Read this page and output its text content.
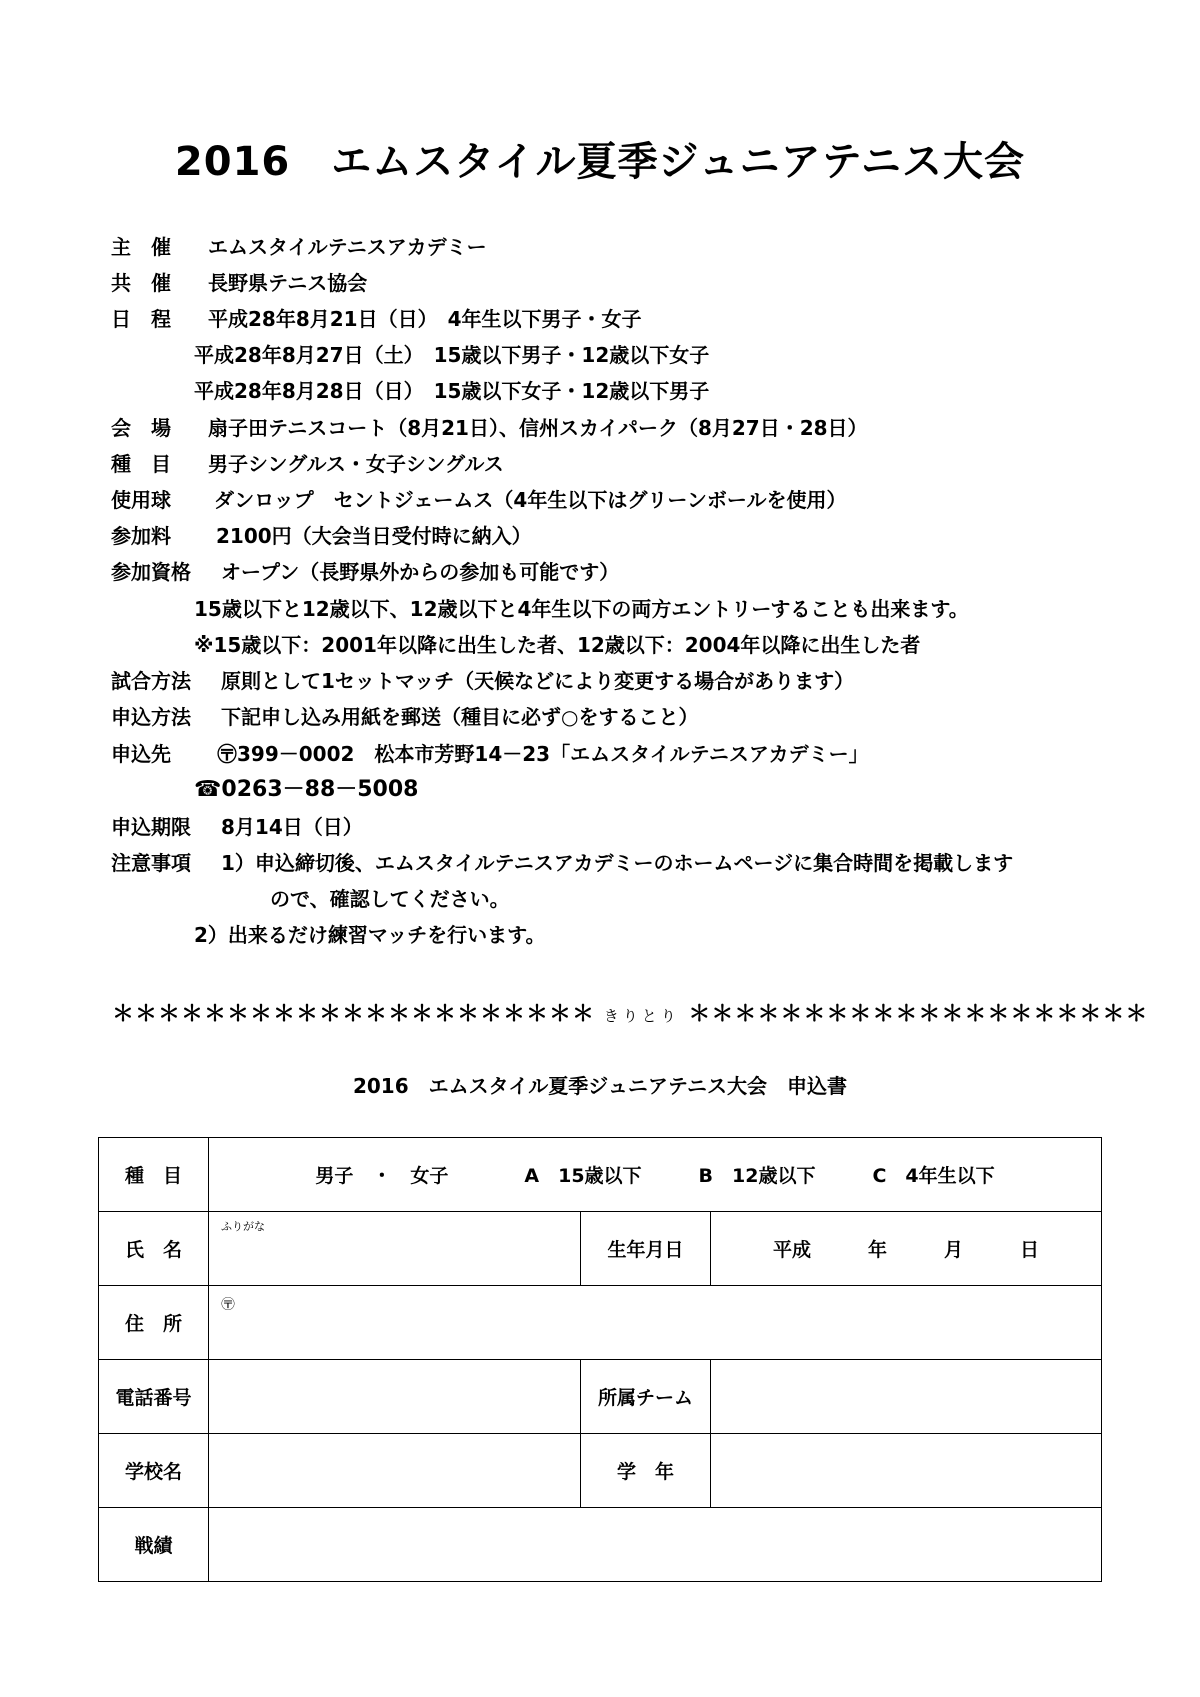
2016　エムスタイル夏季ジュニアテニス大会
主　催 エムスタイルテニスアカデミー
共　催 長野県テニス協会
日　程 平成28年8月21日（日）　4年生以下男子・女子
平成28年8月27日（土）　15歳以下男子・12歳以下女子
平成28年8月28日（日）　15歳以下女子・12歳以下男子
会　場 扇子田テニスコート（8月21日）、信州スカイパーク（8月27日・28日）
種　目 男子シングルス・女子シングルス
使用球 ダンロップ　セントジェームス（4年生以下はグリーンボールを使用）
参加料 2100円（大会当日受付時に納入）
参加資格 オープン（長野県外からの参加も可能です）
15歳以下と12歳以下、12歳以下と4年生以下の両方エントリーすることも出来ます。
※15歳以下：2001年以降に出生した者、12歳以下：2004年以降に出生した者
試合方法 原則として1セットマッチ（天候などにより変更する場合があります）
申込方法 下記申し込み用紙を郵送（種目に必ず○をすること）
申込先 〶399－0002　松本市芳野14－23「エムスタイルテニスアカデミー」
☎0263－88－5008
申込期限 8月14日（日）
注意事項 1）申込締切後、エムスタイルテニスアカデミーのホームページに集合時間を掲載します
ので、確認してください。
2）出来るだけ練習マッチを行います。
＊＊＊＊＊＊＊＊＊＊＊＊＊＊＊＊＊＊＊＊＊ きりとり ＊＊＊＊＊＊＊＊＊＊＊＊＊＊＊＊＊＊＊＊
2016　エムスタイル夏季ジュニアテニス大会　申込書
種　目	男子　・　女子　　　　A　15歳以下　　　B　12歳以下　　　C　4年生以下		
氏　名	ふりがな	生年月日	平成　　　年　　　月　　　日
住　所	〶		

電話番号		所属チーム	
学校名		学　年	
戦績			
